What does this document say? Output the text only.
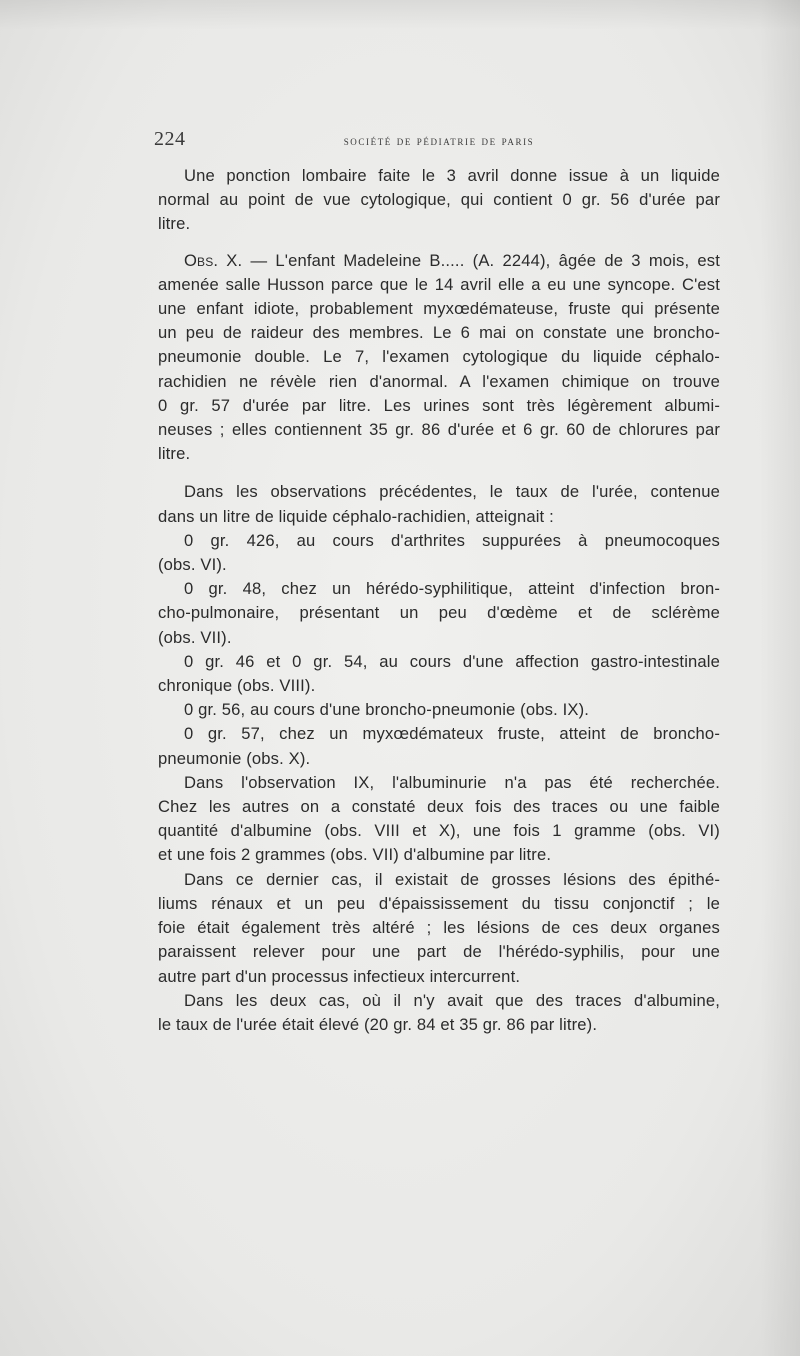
224	société de pédiatrie de paris
Une ponction lombaire faite le 3 avril donne issue à un liquide
normal au point de vue cytologique, qui contient 0 gr. 56 d'urée par
litre.
Obs. X. — L'enfant Madeleine B..... (A. 2244), âgée de 3 mois, est
amenée salle Husson parce que le 14 avril elle a eu une syncope. C'est
une enfant idiote, probablement myxœdémateuse, fruste qui présente
un peu de raideur des membres. Le 6 mai on constate une broncho-
pneumonie double. Le 7, l'examen cytologique du liquide céphalo-
rachidien ne révèle rien d'anormal. A l'examen chimique on trouve
0 gr. 57 d'urée par litre. Les urines sont très légèrement albumi-
neuses ; elles contiennent 35 gr. 86 d'urée et 6 gr. 60 de chlorures par
litre.
Dans les observations précédentes, le taux de l'urée, contenue
dans un litre de liquide céphalo-rachidien, atteignait :
0 gr. 426, au cours d'arthrites suppurées à pneumocoques
(obs. VI).
0 gr. 48, chez un hérédo-syphilitique, atteint d'infection bron-
cho-pulmonaire, présentant un peu d'œdème et de sclérème
(obs. VII).
0 gr. 46 et 0 gr. 54, au cours d'une affection gastro-intestinale
chronique (obs. VIII).
0 gr. 56, au cours d'une broncho-pneumonie (obs. IX).
0 gr. 57, chez un myxœdémateux fruste, atteint de broncho-
pneumonie (obs. X).
Dans l'observation IX, l'albuminurie n'a pas été recherchée.
Chez les autres on a constaté deux fois des traces ou une faible
quantité d'albumine (obs. VIII et X), une fois 1 gramme (obs. VI)
et une fois 2 grammes (obs. VII) d'albumine par litre.
Dans ce dernier cas, il existait de grosses lésions des épithé-
liums rénaux et un peu d'épaississement du tissu conjonctif ; le
foie était également très altéré ; les lésions de ces deux organes
paraissent relever pour une part de l'hérédo-syphilis, pour une
autre part d'un processus infectieux intercurrent.
Dans les deux cas, où il n'y avait que des traces d'albumine,
le taux de l'urée était élevé (20 gr. 84 et 35 gr. 86 par litre).
